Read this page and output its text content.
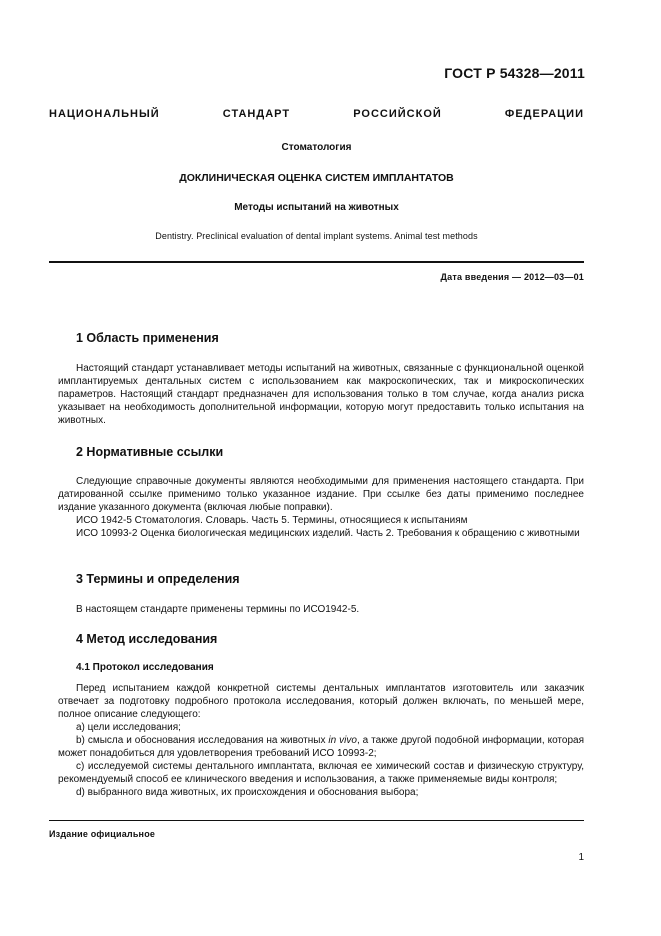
ГОСТ Р 54328—2011
НАЦИОНАЛЬНЫЙ СТАНДАРТ РОССИЙСКОЙ ФЕДЕРАЦИИ
Стоматология
ДОКЛИНИЧЕСКАЯ ОЦЕНКА СИСТЕМ ИМПЛАНТАТОВ
Методы испытаний на животных
Dentistry. Preclinical evaluation of dental implant systems. Animal test methods
Дата введения — 2012—03—01
1 Область применения

Настоящий стандарт устанавливает методы испытаний на животных, связанные с функциональной оценкой имплантируемых дентальных систем с использованием как макроскопических, так и микроскопических параметров. Настоящий стандарт предназначен для использования только в том случае, когда анализ риска указывает на необходимость дополнительной информации, которую могут предоставить только испытания на животных.

2 Нормативные ссылки

Следующие справочные документы являются необходимыми для применения настоящего стандарта. При датированной ссылке применимо только указанное издание. При ссылке без даты применимо последнее издание указанного документа (включая любые поправки).

ИСО 1942-5 Стоматология. Словарь. Часть 5. Термины, относящиеся к испытаниям

ИСО 10993-2 Оценка биологическая медицинских изделий. Часть 2. Требования к обращению с животными

3 Термины и определения

В настоящем стандарте применены термины по ИСО1942-5.

4 Метод исследования
4.1 Протокол исследования

Перед испытанием каждой конкретной системы дентальных имплантатов изготовитель или заказчик отвечает за подготовку подробного протокола исследования, который должен включать, по меньшей мере, полное описание следующего:

а) цели исследования;

b) смысла и обоснования исследования на животных in vivo, а также другой подобной информации, которая может понадобиться для удовлетворения требований ИСО 10993-2;

с) исследуемой системы дентального имплантата, включая ее химический состав и физическую структуру, рекомендуемый способ ее клинического введения и использования, а также применяемые виды контроля;

d) выбранного вида животных, их происхождения и обоснования выбора;

Издание официальное
1
